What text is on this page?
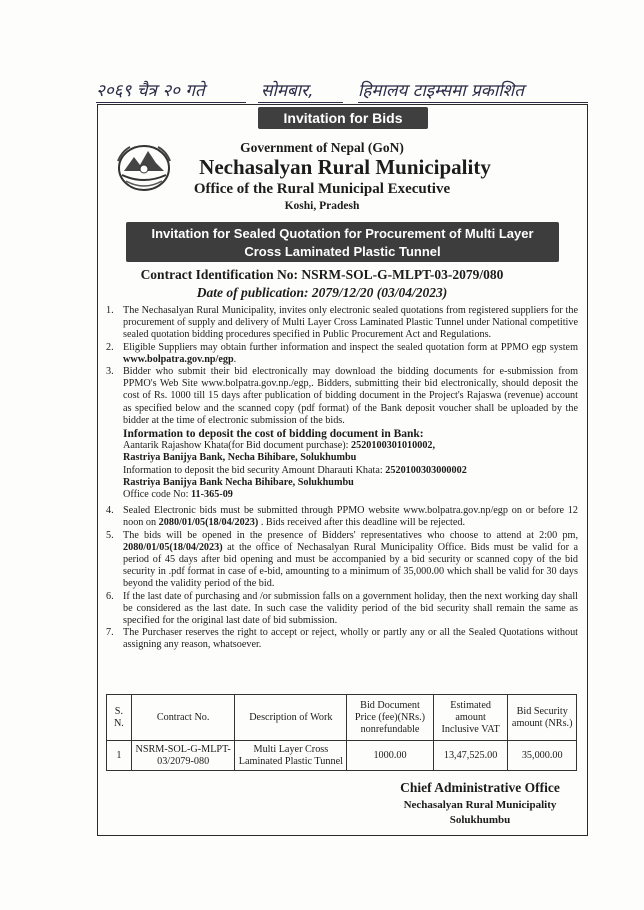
२०६९ चैत्र २० गते	सोमबार,	हिमालय टाइम्समा प्रकाशित
Invitation for Bids
Government of Nepal (GoN)
Nechasalyan Rural Municipality
Office of the Rural Municipal Executive
Koshi, Pradesh
Invitation for Sealed Quotation for Procurement of Multi Layer
Cross Laminated Plastic Tunnel
Contract Identification No: NSRM-SOL-G-MLPT-03-2079/080
Date of publication: 2079/12/20 (03/04/2023)
1. The Nechasalyan Rural Municipality, invites only electronic sealed quotations from registered suppliers for the procurement of supply and delivery of Multi Layer Cross Laminated Plastic Tunnel under National competitive sealed quotation bidding procedures specified in Public Procurement Act and Regulations.
2. Eligible Suppliers may obtain further information and inspect the sealed quotation form at PPMO egp system www.bolpatra.gov.np/egp.
3. Bidder who submit their bid electronically may download the bidding documents for e-submission from PPMO's Web Site www.bolpatra.gov.np./egp,. Bidders, submitting their bid electronically, should deposit the cost of Rs. 1000 till 15 days after publication of bidding document in the Project's Rajaswa (revenue) account as specified below and the scanned copy (pdf format) of the Bank deposit voucher shall be uploaded by the bidder at the time of electronic submission of the bids.
Information to deposit the cost of bidding document in Bank:
Aantarik Rajashow Khata(for Bid document purchase): 2520100301010002,
Rastriya Banijya Bank, Necha Bihibare, Solukhumbu
Information to deposit the bid security Amount Dharauti Khata: 2520100303000002
Rastriya Banijya Bank Necha Bihibare, Solukhumbu
Office code No: 11-365-09
4. Sealed Electronic bids must be submitted through PPMO website www.bolpatra.gov.np/egp on or before 12 noon on 2080/01/05(18/04/2023) . Bids received after this deadline will be rejected.
5. The bids will be opened in the presence of Bidders' representatives who choose to attend at 2:00 pm, 2080/01/05(18/04/2023) at the office of Nechasalyan Rural Municipality Office. Bids must be valid for a period of 45 days after bid opening and must be accompanied by a bid security or scanned copy of the bid security in .pdf format in case of e-bid, amounting to a minimum of 35,000.00 which shall be valid for 30 days beyond the validity period of the bid.
6. If the last date of purchasing and /or submission falls on a government holiday, then the next working day shall be considered as the last date. In such case the validity period of the bid security shall remain the same as specified for the original last date of bid submission.
7. The Purchaser reserves the right to accept or reject, wholly or partly any or all the Sealed Quotations without assigning any reason, whatsoever.
S. N.	Contract No.	Description of Work	Bid Document Price (fee)(NRs.) nonrefundable	Estimated amount Inclusive VAT	Bid Security amount (NRs.)
1	NSRM-SOL-G-MLPT-03/2079-080	Multi Layer Cross Laminated Plastic Tunnel	1000.00	13,47,525.00	35,000.00
Chief Administrative Office
Nechasalyan Rural Municipality
Solukhumbu
